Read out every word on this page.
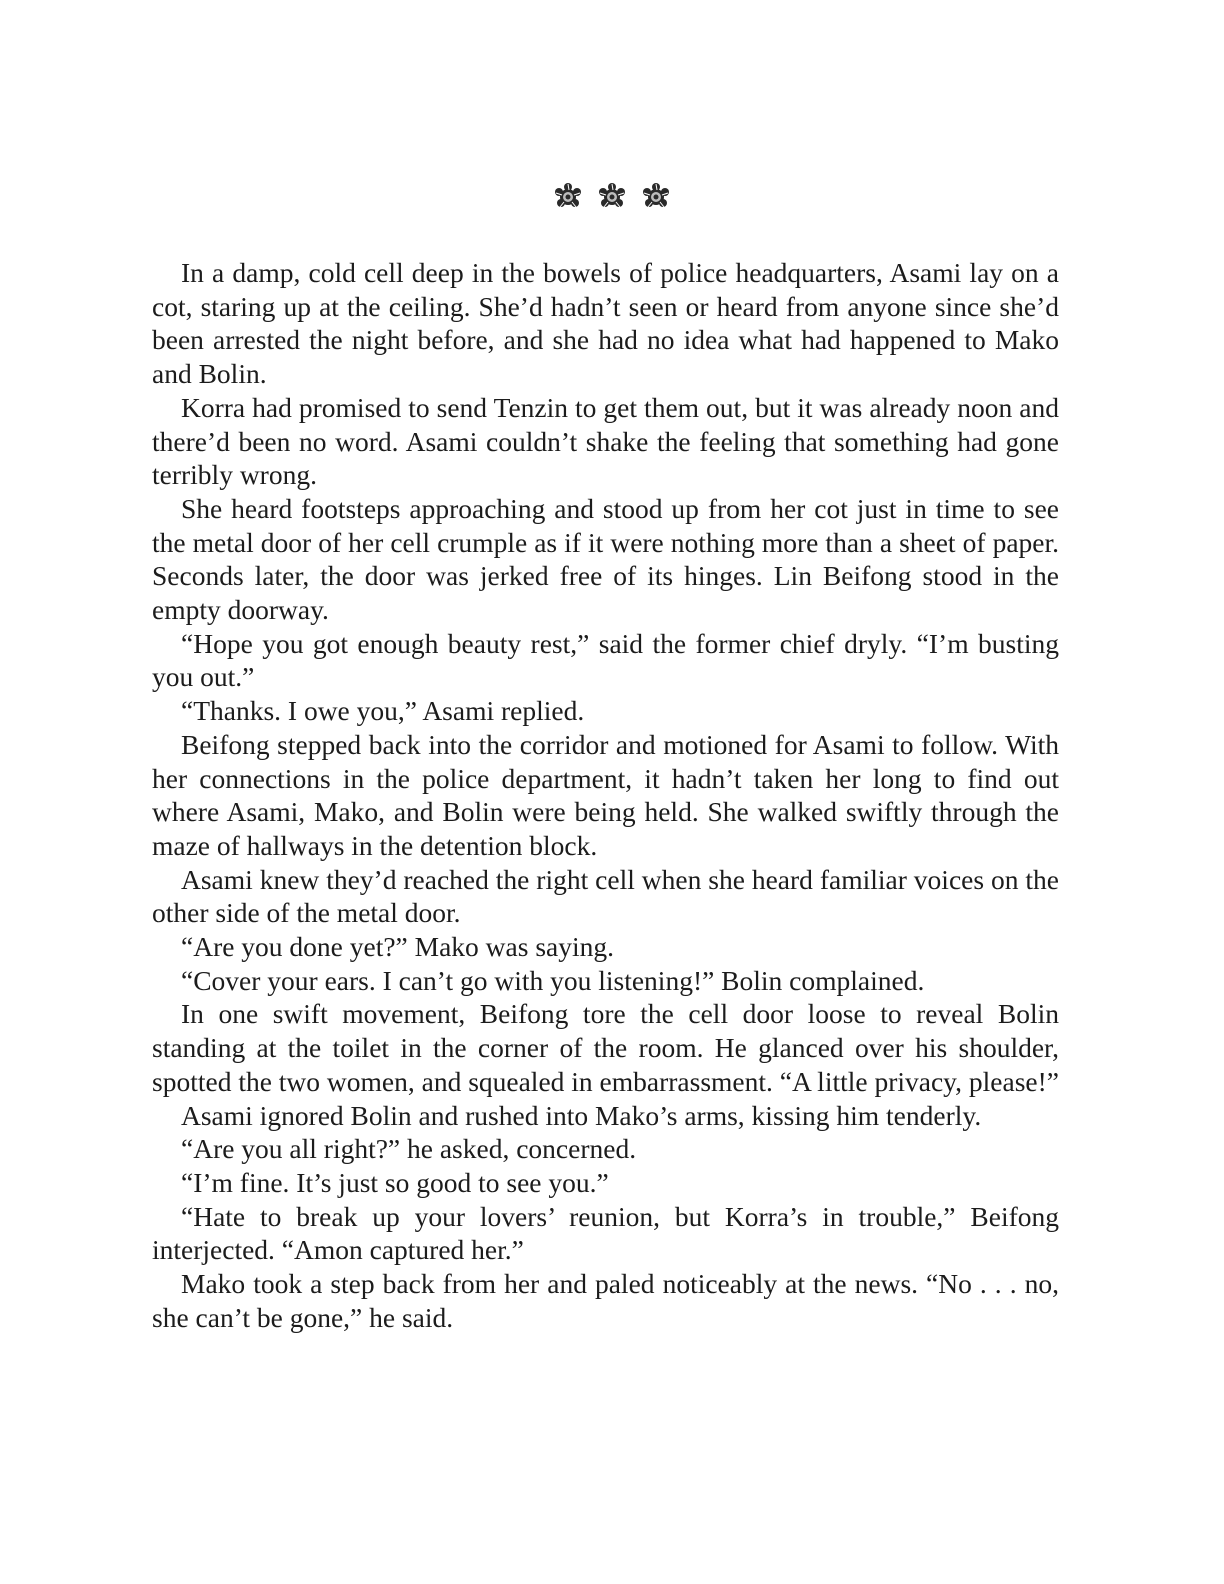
In a damp, cold cell deep in the bowels of police headquarters, Asami lay on a cot, staring up at the ceiling. She’d hadn’t seen or heard from anyone since she’d been arrested the night before, and she had no idea what had happened to Mako and Bolin.

Korra had promised to send Tenzin to get them out, but it was already noon and there’d been no word. Asami couldn’t shake the feeling that something had gone terribly wrong.

She heard footsteps approaching and stood up from her cot just in time to see the metal door of her cell crumple as if it were nothing more than a sheet of paper. Seconds later, the door was jerked free of its hinges. Lin Beifong stood in the empty doorway.

“Hope you got enough beauty rest,” said the former chief dryly. “I’m busting you out.”

“Thanks. I owe you,” Asami replied.

Beifong stepped back into the corridor and motioned for Asami to follow. With her connections in the police department, it hadn’t taken her long to find out where Asami, Mako, and Bolin were being held. She walked swiftly through the maze of hallways in the detention block.

Asami knew they’d reached the right cell when she heard familiar voices on the other side of the metal door.

“Are you done yet?” Mako was saying.

“Cover your ears. I can’t go with you listening!” Bolin complained.

In one swift movement, Beifong tore the cell door loose to reveal Bolin standing at the toilet in the corner of the room. He glanced over his shoulder, spotted the two women, and squealed in embarrassment. “A little privacy, please!”

Asami ignored Bolin and rushed into Mako’s arms, kissing him tenderly.

“Are you all right?” he asked, concerned.

“I’m fine. It’s just so good to see you.”

“Hate to break up your lovers’ reunion, but Korra’s in trouble,” Beifong interjected. “Amon captured her.”

Mako took a step back from her and paled noticeably at the news. “No . . . no, she can’t be gone,” he said.
